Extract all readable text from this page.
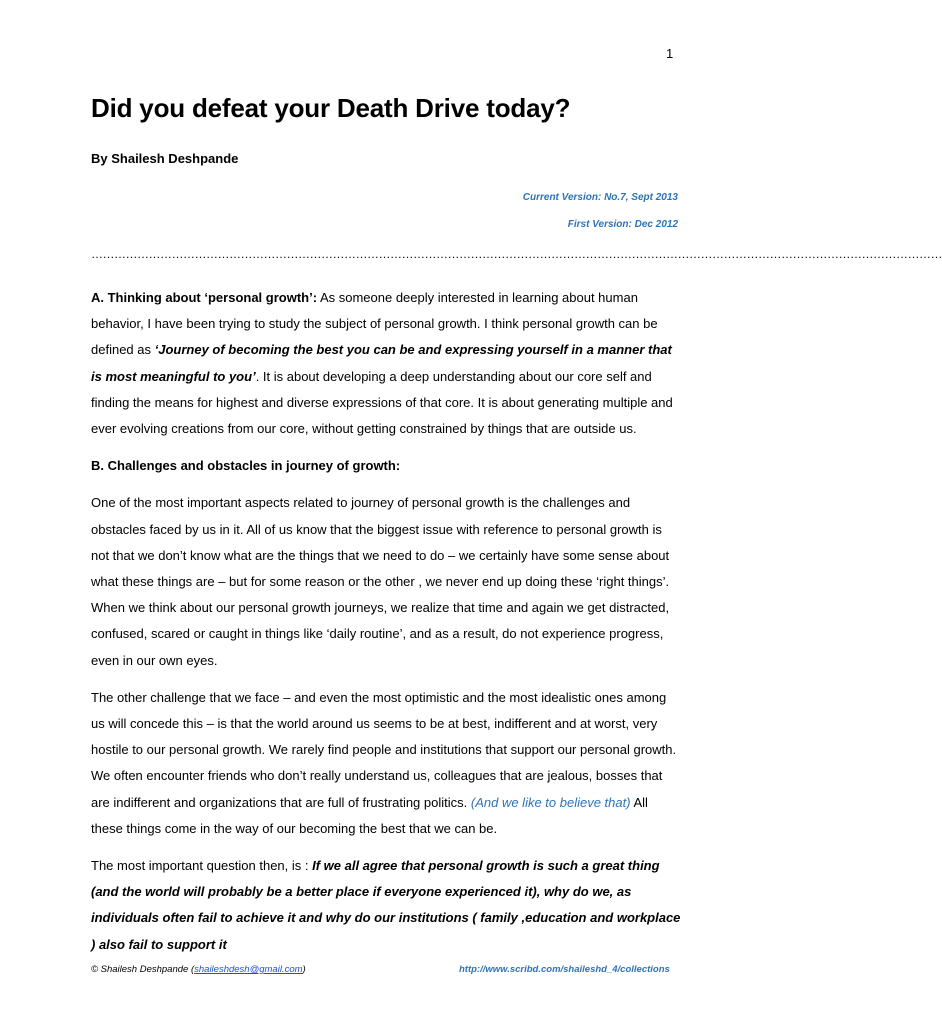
1
Did you defeat your Death Drive today?
By Shailesh Deshpande
Current Version: No.7, Sept 2013
First Version: Dec 2012
……………………………………………………………………………………………………………………………………………………………………………………………………

A. Thinking about ‘personal growth’: As someone deeply interested in learning about human behavior, I have been trying to study the subject of personal growth. I think personal growth can be defined as ‘Journey of becoming the best you can be and expressing yourself in a manner that is most meaningful to you’. It is about developing a deep understanding about our core self and finding the means for highest and diverse expressions of that core. It is about generating multiple and ever evolving creations from our core, without getting constrained by things that are outside us.

B. Challenges and obstacles in journey of growth:

One of the most important aspects related to journey of personal growth is the challenges and obstacles faced by us in it. All of us know that the biggest issue with reference to personal growth is not that we don’t know what are the things that we need to do – we certainly have some sense about what these things are – but for some reason or the other , we never end up doing these ‘right things’. When we think about our personal growth journeys, we realize that time and again we get distracted, confused, scared or caught in things like ‘daily routine’, and as a result, do not experience progress, even in our own eyes.

The other challenge that we face – and even the most optimistic and the most idealistic ones among us will concede this – is that the world around us seems to be at best, indifferent and at worst, very hostile to our personal growth. We rarely find people and institutions that support our personal growth. We often encounter friends who don’t really understand us, colleagues that are jealous, bosses that are indifferent and organizations that are full of frustrating politics. (And we like to believe that) All these things come in the way of our becoming the best that we can be.

The most important question then, is : If we all agree that personal growth is such a great thing (and the world will probably be a better place if everyone experienced it), why do we, as individuals often fail to achieve it and why do our institutions ( family ,education and workplace ) also fail to support it

© Shailesh Deshpande (shaileshdesh@gmail.com)	http://www.scribd.com/shaileshd_4/collections
